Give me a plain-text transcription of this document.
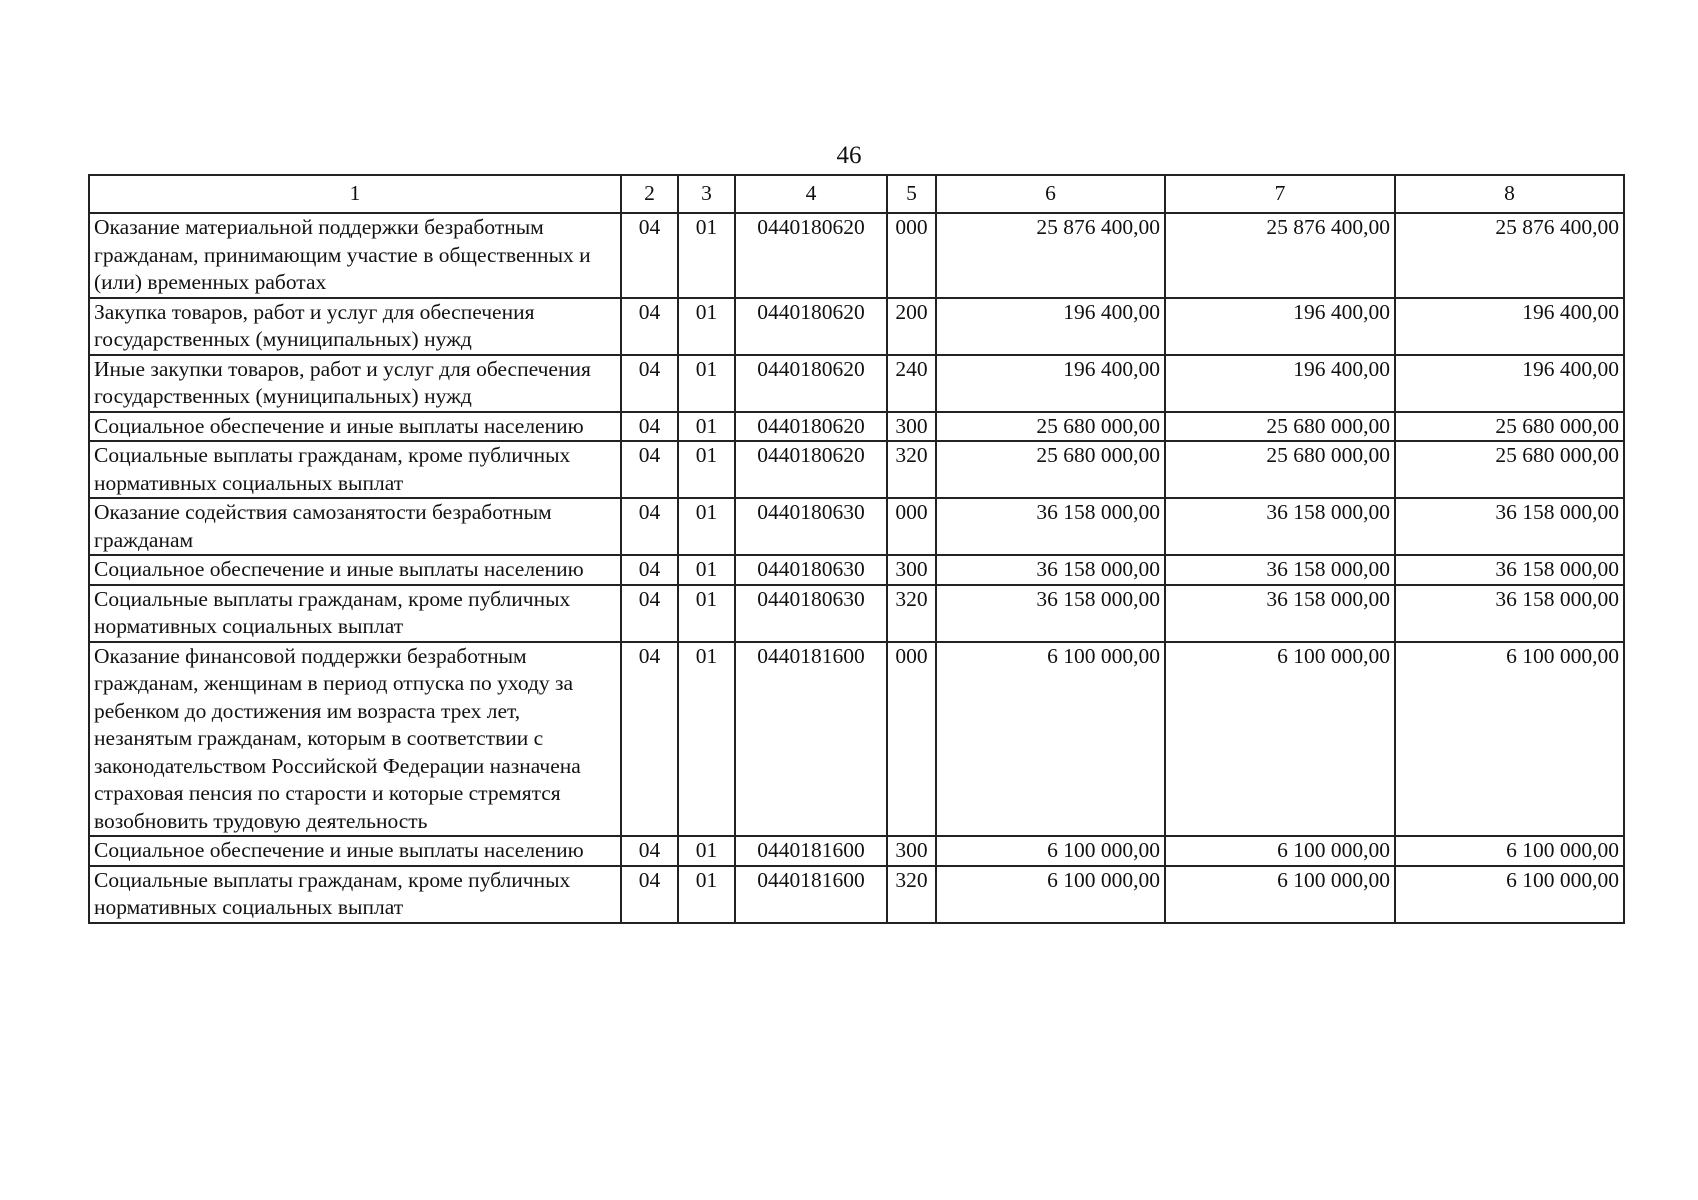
46
1	2	3	4	5	6	7	8
Оказание материальной поддержки безработным гражданам, принимающим участие в общественных и (или) временных работах	04	01	0440180620	000	25 876 400,00	25 876 400,00	25 876 400,00
Закупка товаров, работ и услуг для обеспечения государственных (муниципальных) нужд	04	01	0440180620	200	196 400,00	196 400,00	196 400,00
Иные закупки товаров, работ и услуг для обеспечения государственных (муниципальных) нужд	04	01	0440180620	240	196 400,00	196 400,00	196 400,00
Социальное обеспечение и иные выплаты населению	04	01	0440180620	300	25 680 000,00	25 680 000,00	25 680 000,00
Социальные выплаты гражданам, кроме публичных нормативных социальных выплат	04	01	0440180620	320	25 680 000,00	25 680 000,00	25 680 000,00
Оказание содействия самозанятости безработным гражданам	04	01	0440180630	000	36 158 000,00	36 158 000,00	36 158 000,00
Социальное обеспечение и иные выплаты населению	04	01	0440180630	300	36 158 000,00	36 158 000,00	36 158 000,00
Социальные выплаты гражданам, кроме публичных нормативных социальных выплат	04	01	0440180630	320	36 158 000,00	36 158 000,00	36 158 000,00
Оказание финансовой поддержки безработным гражданам, женщинам в период отпуска по уходу за ребенком до достижения им возраста трех лет, незанятым гражданам, которым в соответствии с законодательством Российской Федерации назначена страховая пенсия по старости и которые стремятся возобновить трудовую деятельность	04	01	0440181600	000	6 100 000,00	6 100 000,00	6 100 000,00
Социальное обеспечение и иные выплаты населению	04	01	0440181600	300	6 100 000,00	6 100 000,00	6 100 000,00
Социальные выплаты гражданам, кроме публичных нормативных социальных выплат	04	01	0440181600	320	6 100 000,00	6 100 000,00	6 100 000,00
